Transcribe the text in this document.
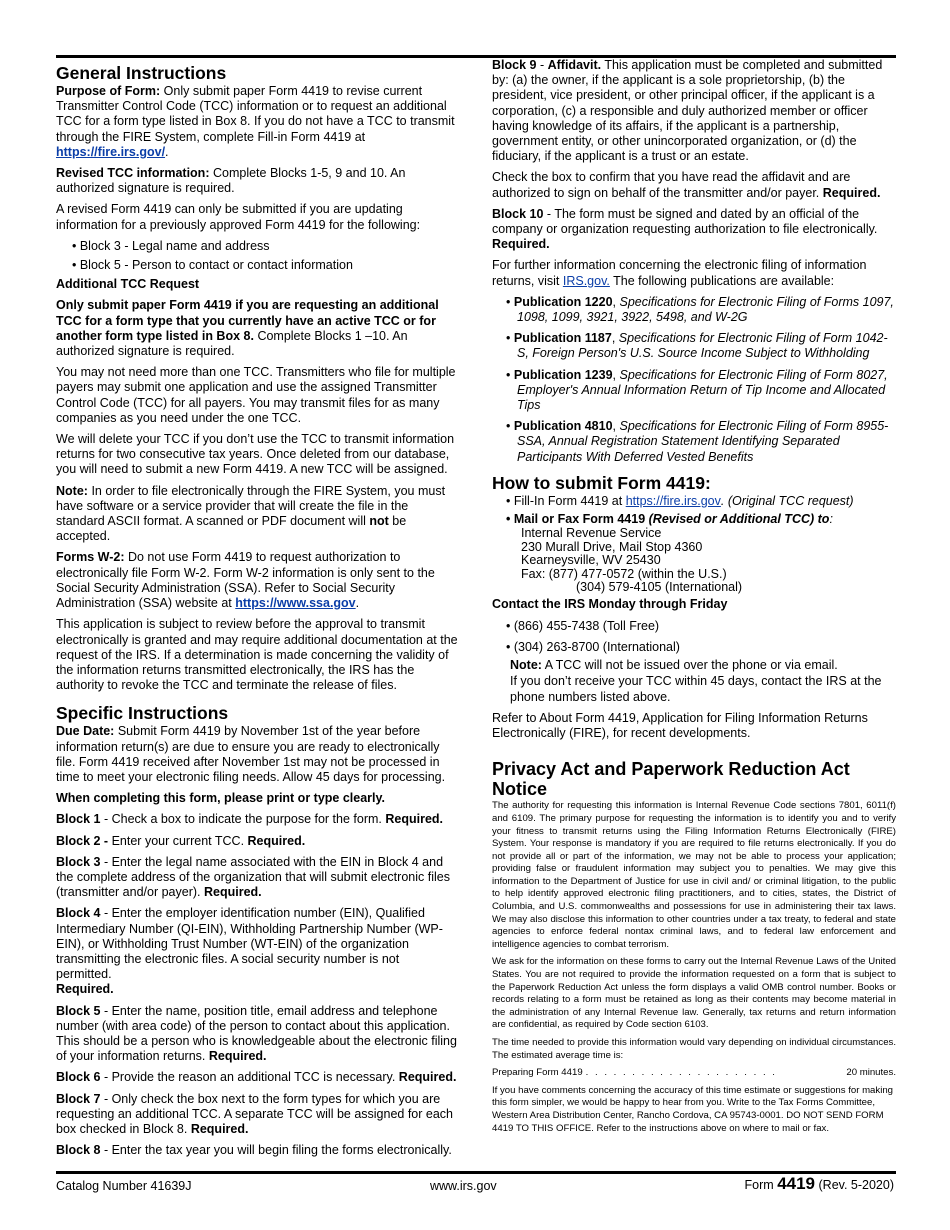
General Instructions

Purpose of Form: Only submit paper Form 4419 to revise current Transmitter Control Code (TCC) information or to request an additional TCC for a form type listed in Box 8. If you do not have a TCC to transmit through the FIRE System, complete Fill-in Form 4419 at https://fire.irs.gov/.

Revised TCC information: Complete Blocks 1-5, 9 and 10. An authorized signature is required.

A revised Form 4419 can only be submitted if you are updating information for a previously approved Form 4419 for the following:

• Block 3 - Legal name and address
• Block 5 - Person to contact or contact information

Additional TCC Request

Only submit paper Form 4419 if you are requesting an additional TCC for a form type that you currently have an active TCC or for another form type listed in Box 8. Complete Blocks 1 –10. An authorized signature is required.

You may not need more than one TCC. Transmitters who file for multiple payers may submit one application and use the assigned Transmitter Control Code (TCC) for all payers. You may transmit files for as many companies as you need under the one TCC.

We will delete your TCC if you don’t use the TCC to transmit information returns for two consecutive tax years. Once deleted from our database, you will need to submit a new Form 4419. A new TCC will be assigned.

Note: In order to file electronically through the FIRE System, you must have software or a service provider that will create the file in the standard ASCII format. A scanned or PDF document will not be accepted.

Forms W-2: Do not use Form 4419 to request authorization to electronically file Form W-2. Form W-2 information is only sent to the Social Security Administration (SSA). Refer to Social Security Administration (SSA) website at https://www.ssa.gov.

This application is subject to review before the approval to transmit electronically is granted and may require additional documentation at the request of the IRS. If a determination is made concerning the validity of the information returns transmitted electronically, the IRS has the authority to revoke the TCC and terminate the release of files.

Specific Instructions

Due Date: Submit Form 4419 by November 1st of the year before information return(s) are due to ensure you are ready to electronically file. Form 4419 received after November 1st may not be processed in time to meet your electronic filing needs. Allow 45 days for processing.

When completing this form, please print or type clearly.

Block 1 - Check a box to indicate the purpose for the form. Required.

Block 2 - Enter your current TCC. Required.

Block 3 - Enter the legal name associated with the EIN in Block 4 and the complete address of the organization that will submit electronic files (transmitter and/or payer). Required.

Block 4 - Enter the employer identification number (EIN), Qualified Intermediary Number (QI-EIN), Withholding Partnership Number (WP-EIN), or Withholding Trust Number (WT-EIN) of the organization transmitting the electronic files. A social security number is not permitted.
Required.

Block 5 - Enter the name, position title, email address and telephone number (with area code) of the person to contact about this application. This should be a person who is knowledgeable about the electronic filing of your information returns. Required.

Block 6 - Provide the reason an additional TCC is necessary. Required.

Block 7 - Only check the box next to the form types for which you are requesting an additional TCC. A separate TCC will be assigned for each box checked in Block 8. Required.

Block 8 - Enter the tax year you will begin filing the forms electronically.

Block 9 - Affidavit. This application must be completed and submitted by: (a) the owner, if the applicant is a sole proprietorship, (b) the president, vice president, or other principal officer, if the applicant is a corporation, (c) a responsible and duly authorized member or officer having knowledge of its affairs, if the applicant is a partnership, government entity, or other unincorporated organization, or (d) the fiduciary, if the applicant is a trust or an estate.

Check the box to confirm that you have read the affidavit and are authorized to sign on behalf of the transmitter and/or payer. Required.

Block 10 - The form must be signed and dated by an official of the company or organization requesting authorization to file electronically.
Required.

For further information concerning the electronic filing of information returns, visit IRS.gov. The following publications are available:

• Publication 1220, Specifications for Electronic Filing of Forms 1097, 1098, 1099, 3921, 3922, 5498, and W-2G
• Publication 1187, Specifications for Electronic Filing of Form 1042-S, Foreign Person's U.S. Source Income Subject to Withholding
• Publication 1239, Specifications for Electronic Filing of Form 8027, Employer's Annual Information Return of Tip Income and Allocated Tips
• Publication 4810, Specifications for Electronic Filing of Form 8955-SSA, Annual Registration Statement Identifying Separated Participants With Deferred Vested Benefits
How to submit Form 4419:
• Fill-In Form 4419 at https://fire.irs.gov. (Original TCC request)
• Mail or Fax Form 4419 (Revised or Additional TCC) to:
Internal Revenue Service
230 Murall Drive, Mail Stop 4360
Kearneysville, WV 25430
Fax: (877) 477-0572 (within the U.S.)
(304) 579-4105 (International)

Contact the IRS Monday through Friday

• (866) 455-7438 (Toll Free)
• (304) 263-8700 (International)
Note: A TCC will not be issued over the phone or via email.
If you don’t receive your TCC within 45 days, contact the IRS at the phone numbers listed above.

Refer to About Form 4419, Application for Filing Information Returns Electronically (FIRE), for recent developments.

Privacy Act and Paperwork Reduction Act Notice

The authority for requesting this information is Internal Revenue Code sections 7801, 6011(f) and 6109. The primary purpose for requesting the information is to identify you and to verify your fitness to transmit returns using the Filing Information Returns Electronically (FIRE) System. Your response is mandatory if you are required to file returns electronically. If you do not provide all or part of the information, we may not be able to process your application; providing false or fraudulent information may subject you to penalties. We may give this information to the Department of Justice for use in civil and/ or criminal litigation, to the public to help identify approved electronic filing practitioners, and to cities, states, the District of Columbia, and U.S. commonwealths and possessions for use in administering their tax laws. We may also disclose this information to other countries under a tax treaty, to federal and state agencies to enforce federal nontax criminal laws, and to federal law enforcement and intelligence agencies to combat terrorism.

We ask for the information on these forms to carry out the Internal Revenue Laws of the United States. You are not required to provide the information requested on a form that is subject to the Paperwork Reduction Act unless the form displays a valid OMB control number. Books or records relating to a form must be retained as long as their contents may become material in the administration of any Internal Revenue law. Generally, tax returns and return information are confidential, as required by Code section 6103.

The time needed to provide this information would vary depending on individual circumstances. The estimated average time is:

Preparing Form 4419 . . . . . . . . . . . . . . . . . . . . .	20 minutes.

If you have comments concerning the accuracy of this time estimate or suggestions for making this form simpler, we would be happy to hear from you. Write to the Tax Forms Committee, Western Area Distribution Center, Rancho Cordova, CA 95743-0001. DO NOT SEND FORM 4419 TO THIS OFFICE. Refer to the instructions above on where to mail or fax.

Catalog Number 41639J	www.irs.gov	Form 4419 (Rev. 5-2020)
